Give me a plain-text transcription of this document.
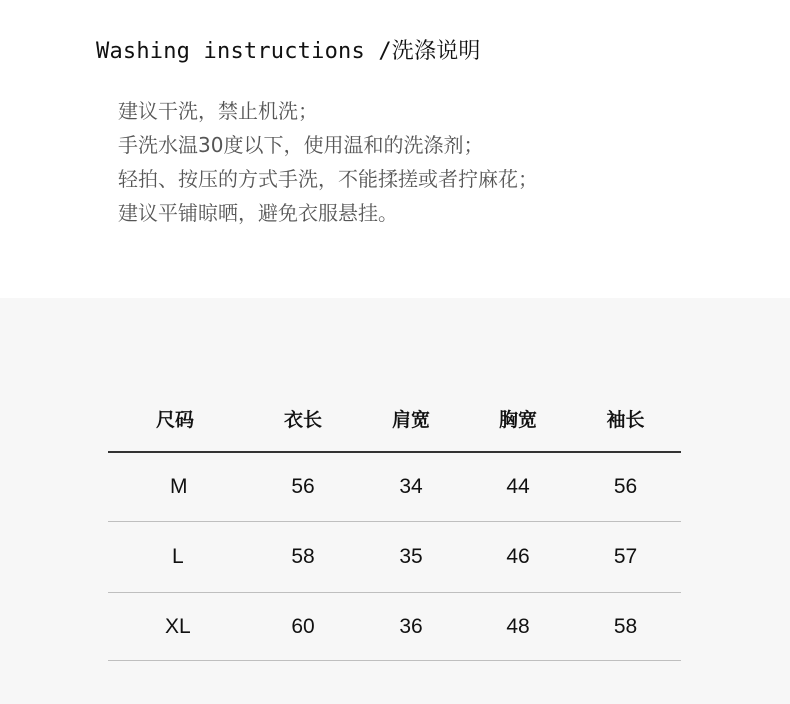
Washing instructions /洗涤说明
建议干洗，禁止机洗；
手洗水温30度以下，使用温和的洗涤剂；
轻拍、按压的方式手洗，不能揉搓或者拧麻花；
建议平铺晾晒，避免衣服悬挂。
尺码	衣长	肩宽	胸宽	袖长
M	56	34	44	56
L	58	35	46	57
XL	60	36	48	58
